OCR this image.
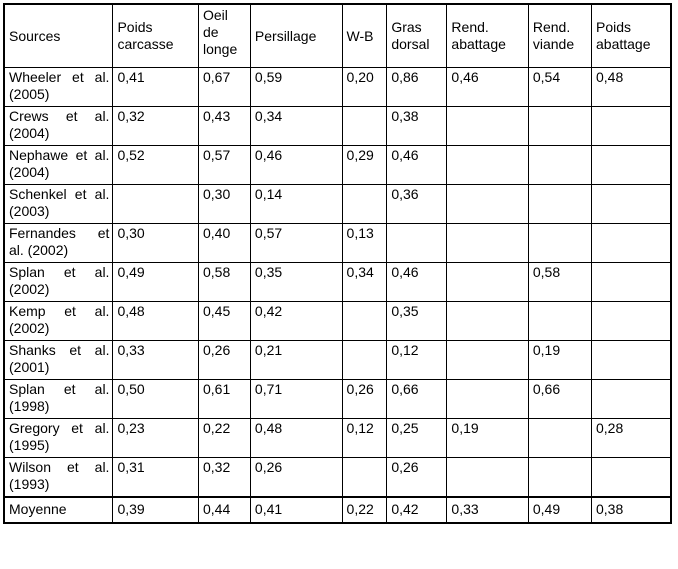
Sources	Poids carcasse	Oeil de longe	Persillage	W-B	Gras dorsal	Rend. abattage	Rend. viande	Poids abattage
Wheeler et al. (2005)	0,41	0,67	0,59	0,20	0,86	0,46	0,54	0,48
Crews et al. (2004)	0,32	0,43	0,34		0,38			
Nephawe et al. (2004)	0,52	0,57	0,46	0,29	0,46			
Schenkel et al. (2003)		0,30	0,14		0,36			
Fernandes et al. (2002)	0,30	0,40	0,57	0,13				
Splan et al. (2002)	0,49	0,58	0,35	0,34	0,46		0,58	
Kemp et al. (2002)	0,48	0,45	0,42		0,35			
Shanks et al. (2001)	0,33	0,26	0,21		0,12		0,19	
Splan et al. (1998)	0,50	0,61	0,71	0,26	0,66		0,66	
Gregory et al. (1995)	0,23	0,22	0,48	0,12	0,25	0,19		0,28
Wilson et al. (1993)	0,31	0,32	0,26		0,26			
Moyenne	0,39	0,44	0,41	0,22	0,42	0,33	0,49	0,38
